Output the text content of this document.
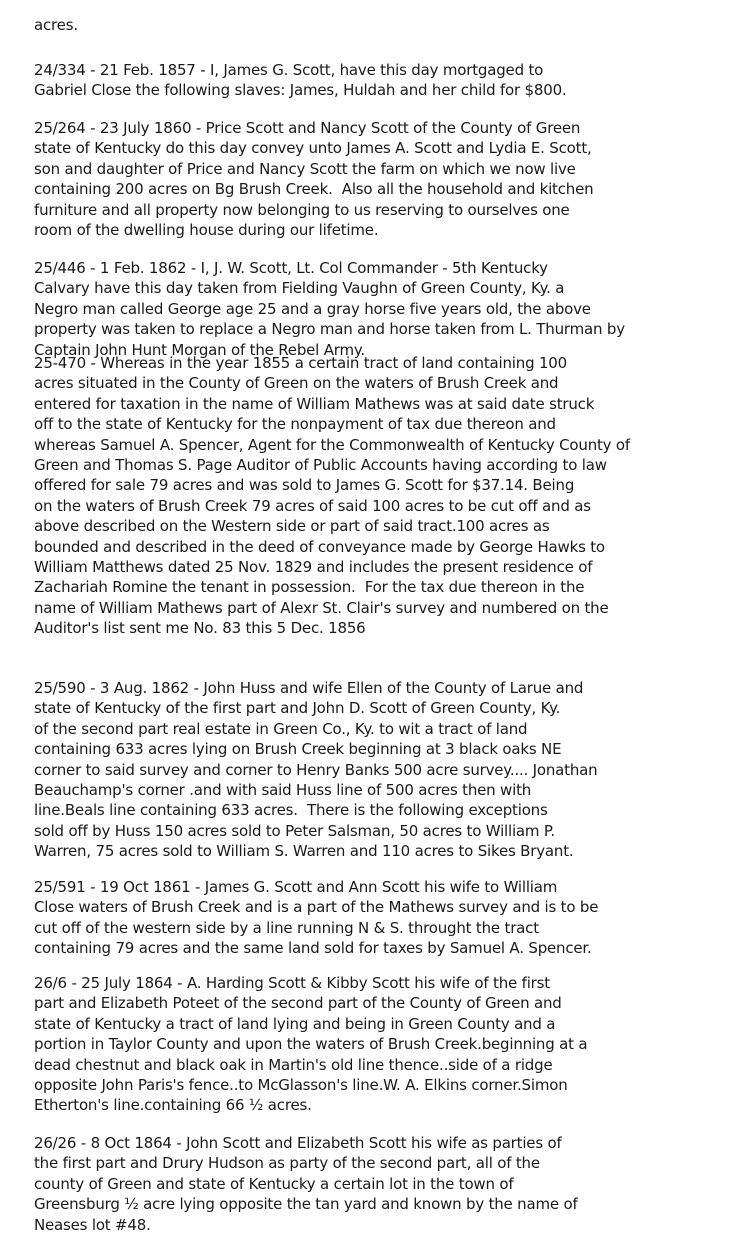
acres.

24/334 - 21 Feb. 1857 - I, James G. Scott, have this day mortgaged to
Gabriel Close the following slaves: James, Huldah and her child for $800.

25/264 - 23 July 1860 - Price Scott and Nancy Scott of the County of Green
state of Kentucky do this day convey unto James A. Scott and Lydia E. Scott,
son and daughter of Price and Nancy Scott the farm on which we now live
containing 200 acres on Bg Brush Creek.  Also all the household and kitchen
furniture and all property now belonging to us reserving to ourselves one
room of the dwelling house during our lifetime.

25/446 - 1 Feb. 1862 - I, J. W. Scott, Lt. Col Commander - 5th Kentucky
Calvary have this day taken from Fielding Vaughn of Green County, Ky. a
Negro man called George age 25 and a gray horse five years old, the above
property was taken to replace a Negro man and horse taken from L. Thurman by
Captain John Hunt Morgan of the Rebel Army.

25-470 - Whereas in the year 1855 a certain tract of land containing 100
acres situated in the County of Green on the waters of Brush Creek and
entered for taxation in the name of William Mathews was at said date struck
off to the state of Kentucky for the nonpayment of tax due thereon and
whereas Samuel A. Spencer, Agent for the Commonwealth of Kentucky County of
Green and Thomas S. Page Auditor of Public Accounts having according to law
offered for sale 79 acres and was sold to James G. Scott for $37.14. Being
on the waters of Brush Creek 79 acres of said 100 acres to be cut off and as
above described on the Western side or part of said tract.100 acres as
bounded and described in the deed of conveyance made by George Hawks to
William Matthews dated 25 Nov. 1829 and includes the present residence of
Zachariah Romine the tenant in possession.  For the tax due thereon in the
name of William Mathews part of Alexr St. Clair's survey and numbered on the
Auditor's list sent me No. 83 this 5 Dec. 1856

25/590 - 3 Aug. 1862 - John Huss and wife Ellen of the County of Larue and
state of Kentucky of the first part and John D. Scott of Green County, Ky.
of the second part real estate in Green Co., Ky. to wit a tract of land
containing 633 acres lying on Brush Creek beginning at 3 black oaks NE
corner to said survey and corner to Henry Banks 500 acre survey.... Jonathan
Beauchamp's corner .and with said Huss line of 500 acres then with
line.Beals line containing 633 acres.  There is the following exceptions
sold off by Huss 150 acres sold to Peter Salsman, 50 acres to William P.
Warren, 75 acres sold to William S. Warren and 110 acres to Sikes Bryant.

25/591 - 19 Oct 1861 - James G. Scott and Ann Scott his wife to William
Close waters of Brush Creek and is a part of the Mathews survey and is to be
cut off of the western side by a line running N & S. throught the tract
containing 79 acres and the same land sold for taxes by Samuel A. Spencer.

26/6 - 25 July 1864 - A. Harding Scott & Kibby Scott his wife of the first
part and Elizabeth Poteet of the second part of the County of Green and
state of Kentucky a tract of land lying and being in Green County and a
portion in Taylor County and upon the waters of Brush Creek.beginning at a
dead chestnut and black oak in Martin's old line thence..side of a ridge
opposite John Paris's fence..to McGlasson's line.W. A. Elkins corner.Simon
Etherton's line.containing 66 ½ acres.

26/26 - 8 Oct 1864 - John Scott and Elizabeth Scott his wife as parties of
the first part and Drury Hudson as party of the second part, all of the
county of Green and state of Kentucky a certain lot in the town of
Greensburg ½ acre lying opposite the tan yard and known by the name of
Neases lot #48.
